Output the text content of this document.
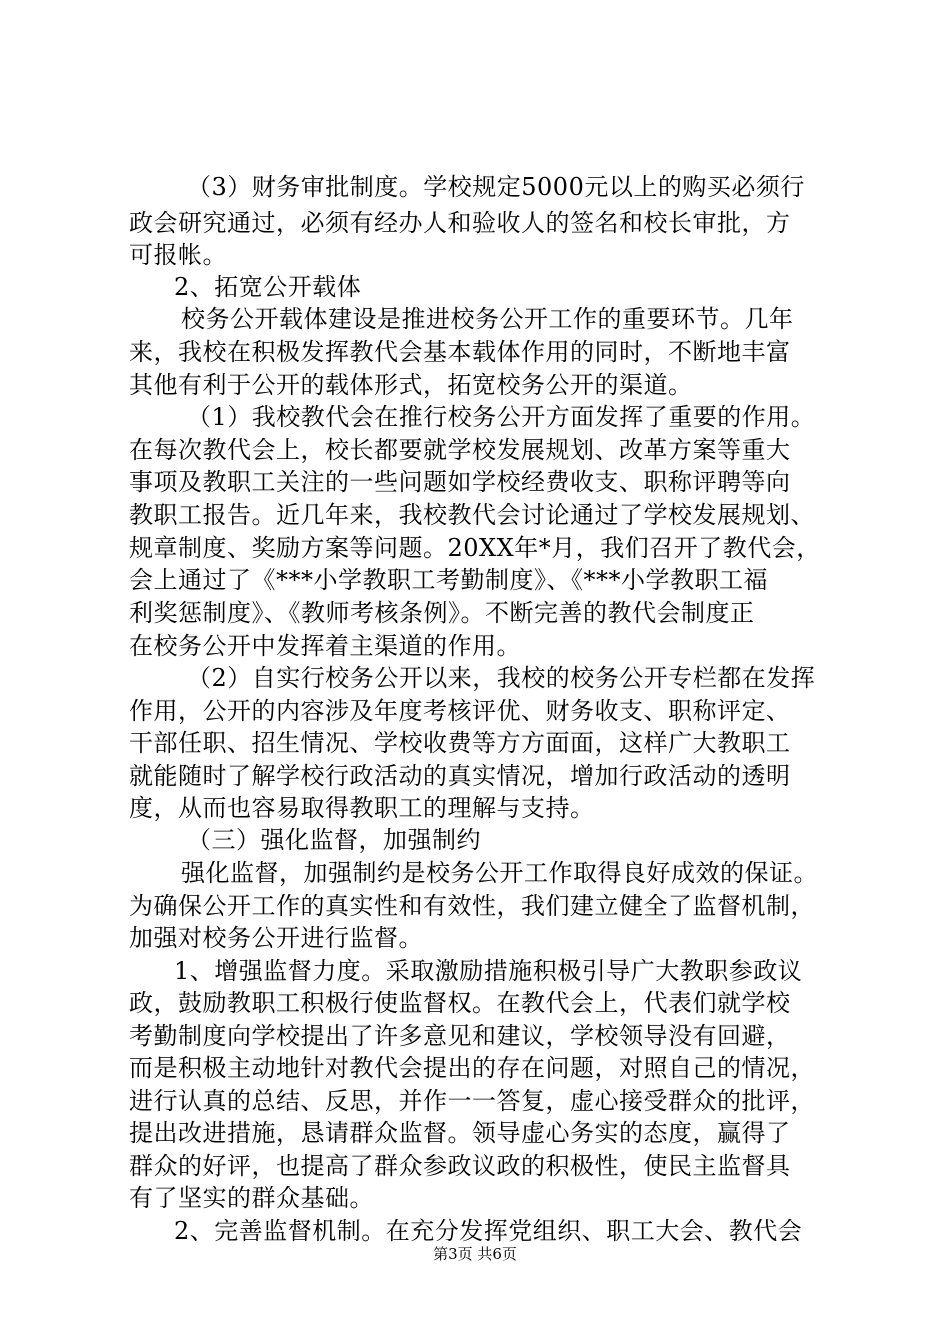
（3）财务审批制度。学校规定5000元以上的购买必须行
政会研究通过，必须有经办人和验收人的签名和校长审批，方
可报帐。
2、拓宽公开载体
校务公开载体建设是推进校务公开工作的重要环节。几年
来，我校在积极发挥教代会基本载体作用的同时，不断地丰富
其他有利于公开的载体形式，拓宽校务公开的渠道。
（1）我校教代会在推行校务公开方面发挥了重要的作用。
在每次教代会上，校长都要就学校发展规划、改革方案等重大
事项及教职工关注的一些问题如学校经费收支、职称评聘等向
教职工报告。近几年来，我校教代会讨论通过了学校发展规划、
规章制度、奖励方案等问题。20XX年*月，我们召开了教代会，
会上通过了《***小学教职工考勤制度》、《***小学教职工福
利奖惩制度》、《教师考核条例》。不断完善的教代会制度正
在校务公开中发挥着主渠道的作用。
（2）自实行校务公开以来，我校的校务公开专栏都在发挥
作用，公开的内容涉及年度考核评优、财务收支、职称评定、
干部任职、招生情况、学校收费等方方面面，这样广大教职工
就能随时了解学校行政活动的真实情况，增加行政活动的透明
度，从而也容易取得教职工的理解与支持。
（三）强化监督，加强制约
强化监督，加强制约是校务公开工作取得良好成效的保证。
为确保公开工作的真实性和有效性，我们建立健全了监督机制，
加强对校务公开进行监督。
1、增强监督力度。采取激励措施积极引导广大教职参政议
政，鼓励教职工积极行使监督权。在教代会上，代表们就学校
考勤制度向学校提出了许多意见和建议，学校领导没有回避，
而是积极主动地针对教代会提出的存在问题，对照自己的情况，
进行认真的总结、反思，并作一一答复，虚心接受群众的批评，
提出改进措施，恳请群众监督。领导虚心务实的态度，赢得了
群众的好评，也提高了群众参政议政的积极性，使民主监督具
有了坚实的群众基础。
2、完善监督机制。在充分发挥党组织、职工大会、教代会
第3页 共6页
